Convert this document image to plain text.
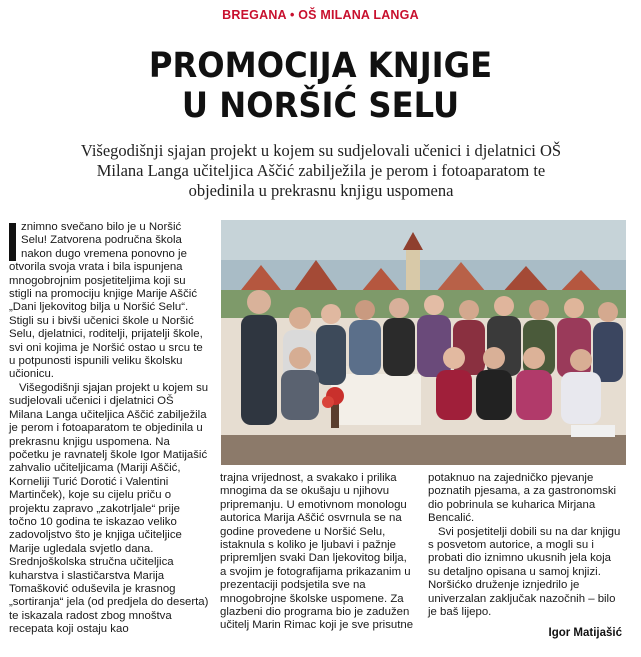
BREGANA • OŠ MILANA LANGA
PROMOCIJA KNJIGE
U NORŠIĆ SELU
Višegodišnji sjajan projekt u kojem su sudjelovali učenici i djelatnici OŠ Milana Langa učiteljica Aščić zabilježila je perom i fotoaparatom te objedinila u prekrasnu knjigu uspomena

znimno svečano bilo je u Noršić Selu! Zatvorena područna škola nakon dugo vremena ponovno je otvorila svoja vrata i bila ispunjena mnogobrojnim posjetiteljima koji su stigli na promociju knjige Marije Aščić „Dani ljekovitog bilja u Noršić Selu“. Stigli su i bivši učenici škole u Noršić Selu, djelatnici, roditelji, prijatelji škole, svi oni kojima je Noršić ostao u srcu te u potpunosti ispunili veliku školsku učionicu.

Višegodišnji sjajan projekt u kojem su sudjelovali učenici i djelatnici OŠ Milana Langa učiteljica Aščić zabilježila je perom i fotoaparatom te objedinila u prekrasnu knjigu uspomena. Na početku je ravnatelj škole Igor Matijašić zahvalio učiteljicama (Mariji Aščić, Korneliji Turić Dorotić i Valentini Martinček), koje su cijelu priču o projektu zapravo „zakotrljale“ prije točno 10 godina te iskazao veliko zadovoljstvo što je knjiga učiteljice Marije ugledala svjetlo dana. Srednjoškolska stručna učiteljica kuharstva i slastičarstva Marija Tomašković oduševila je krasnog „sortiranja“ jela (od predjela do deserta) te iskazala radost zbog mnoštva recepata koji ostaju kao

trajna vrijednost, a svakako i prilika mnogima da se okušaju u njihovu pripremanju. U emotivnom monologu autorica Marija Aščić osvrnula se na godine provedene u Noršić Selu, istaknula s koliko je ljubavi i pažnje pripremljen svaki Dan ljekovitog bilja, a svojim je fotografijama prikazanim u prezentaciji podsjetila sve na mnogobrojne školske uspomene. Za glazbeni dio programa bio je zadužen učitelj Marin Rimac koji je sve prisutne

potaknuo na zajedničko pjevanje poznatih pjesama, a za gastronomski dio pobrinula se kuharica Mirjana Bencalić.

Svi posjetitelji dobili su na dar knjigu s posvetom autorice, a mogli su i probati dio iznimno ukusnih jela koja su detaljno opisana u samoj knjizi. Noršićko druženje iznjedrilo je univerzalan zaključak nazočnih – bilo je baš lijepo.

Igor Matijašić
